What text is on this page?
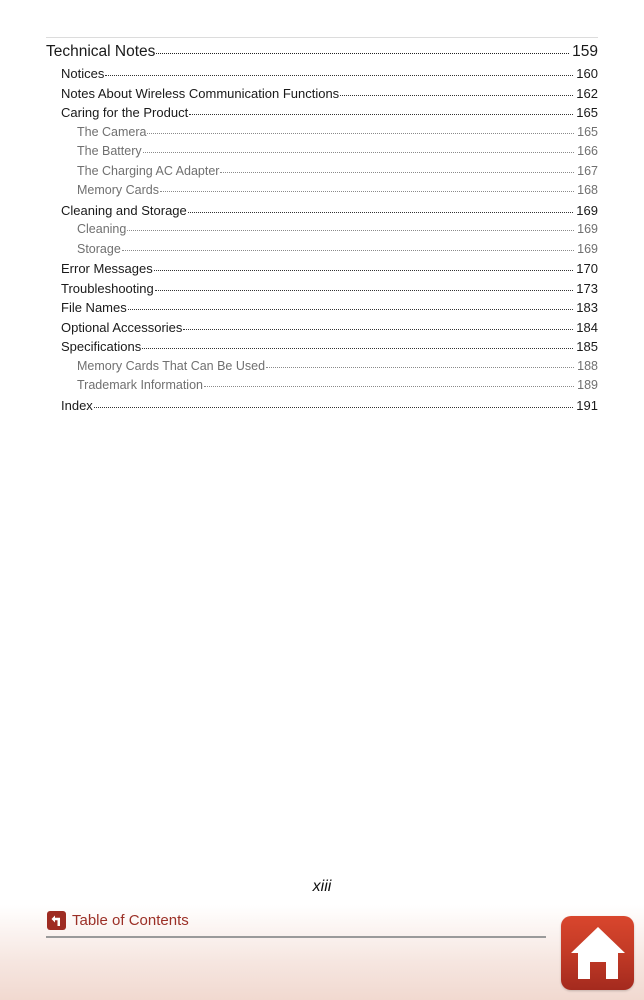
Technical Notes	159
Notices	160
Notes About Wireless Communication Functions	162
Caring for the Product	165
The Camera	165
The Battery	166
The Charging AC Adapter	167
Memory Cards	168
Cleaning and Storage	169
Cleaning	169
Storage	169
Error Messages	170
Troubleshooting	173
File Names	183
Optional Accessories	184
Specifications	185
Memory Cards That Can Be Used	188
Trademark Information	189
Index	191
xiii
Table of Contents
